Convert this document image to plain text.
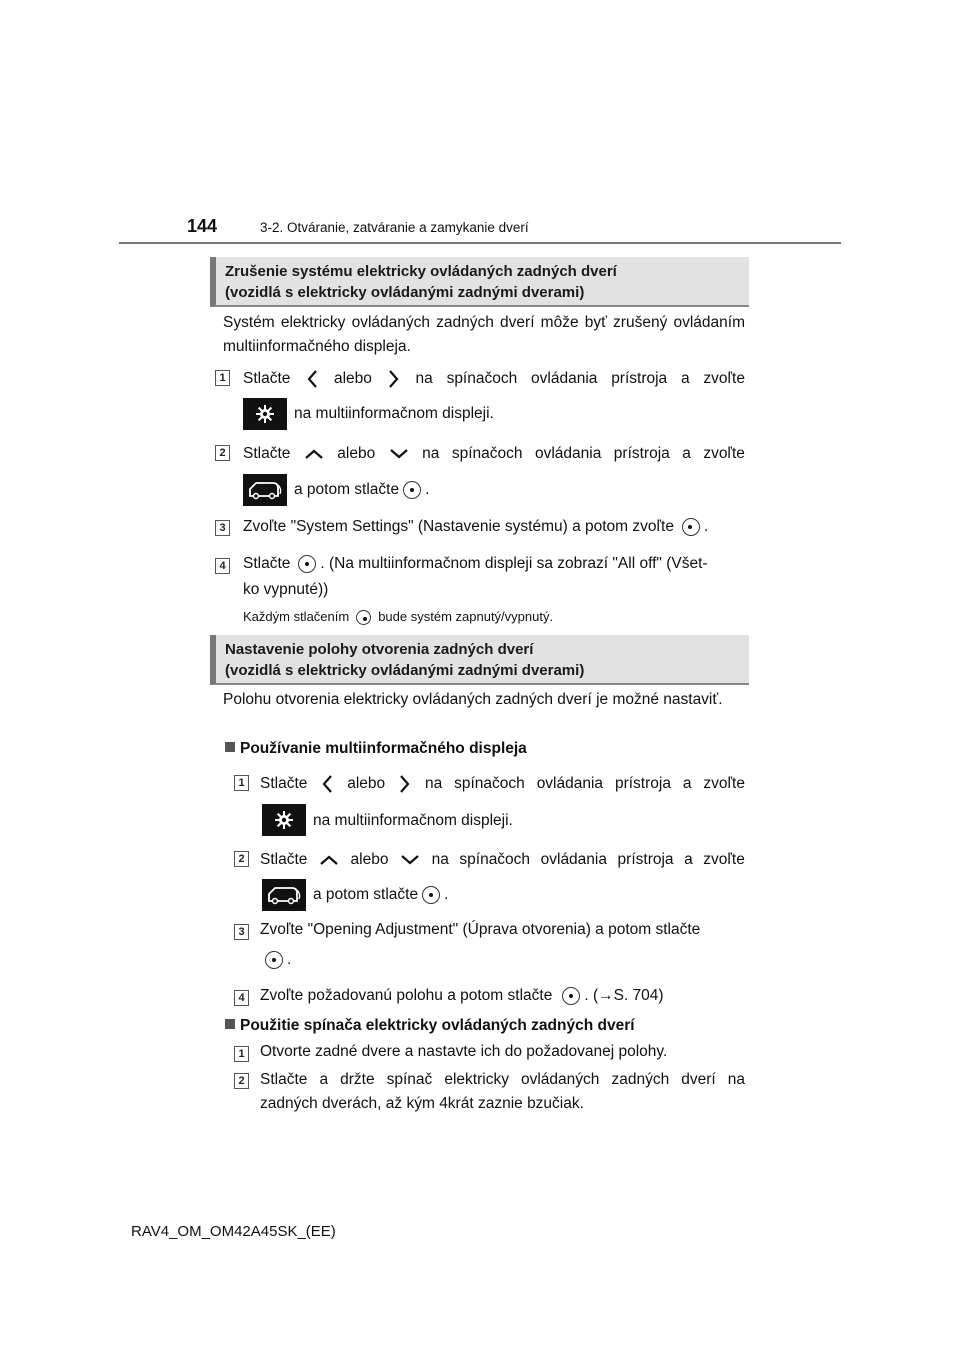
144	3-2. Otváranie, zatváranie a zamykanie dverí
Zrušenie systému elektricky ovládaných zadných dverí
(vozidlá s elektricky ovládanými zadnými dverami)
Systém elektricky ovládaných zadných dverí môže byť zrušený ovládaním multiinformačného displeja.
1 Stlačte	alebo	na spínačoch ovládania prístroja a zvoľte
na multiinformačnom displeji.
2 Stlačte	alebo	na spínačoch ovládania prístroja a zvoľte
a potom stlačte .
3 Zvoľte "System Settings" (Nastavenie systému) a potom zvoľte .
4 Stlačte . (Na multiinformačnom displeji sa zobrazí "All off" (Všet-
ko vypnuté))
Každým stlačením bude systém zapnutý/vypnutý.
Nastavenie polohy otvorenia zadných dverí
(vozidlá s elektricky ovládanými zadnými dverami)
Polohu otvorenia elektricky ovládaných zadných dverí je možné nastaviť.
Používanie multiinformačného displeja
1 Stlačte	alebo	na spínačoch ovládania prístroja a zvoľte
na multiinformačnom displeji.
2 Stlačte	alebo	na spínačoch ovládania prístroja a zvoľte
a potom stlačte .
3 Zvoľte "Opening Adjustment" (Úprava otvorenia) a potom stlačte
.
4 Zvoľte požadovanú polohu a potom stlačte . (→S. 704)
Použitie spínača elektricky ovládaných zadných dverí
1 Otvorte zadné dvere a nastavte ich do požadovanej polohy.
2 Stlačte a držte spínač elektricky ovládaných zadných dverí na zadných dverách, až kým 4krát zaznie bzučiak.
RAV4_OM_OM42A45SK_(EE)
